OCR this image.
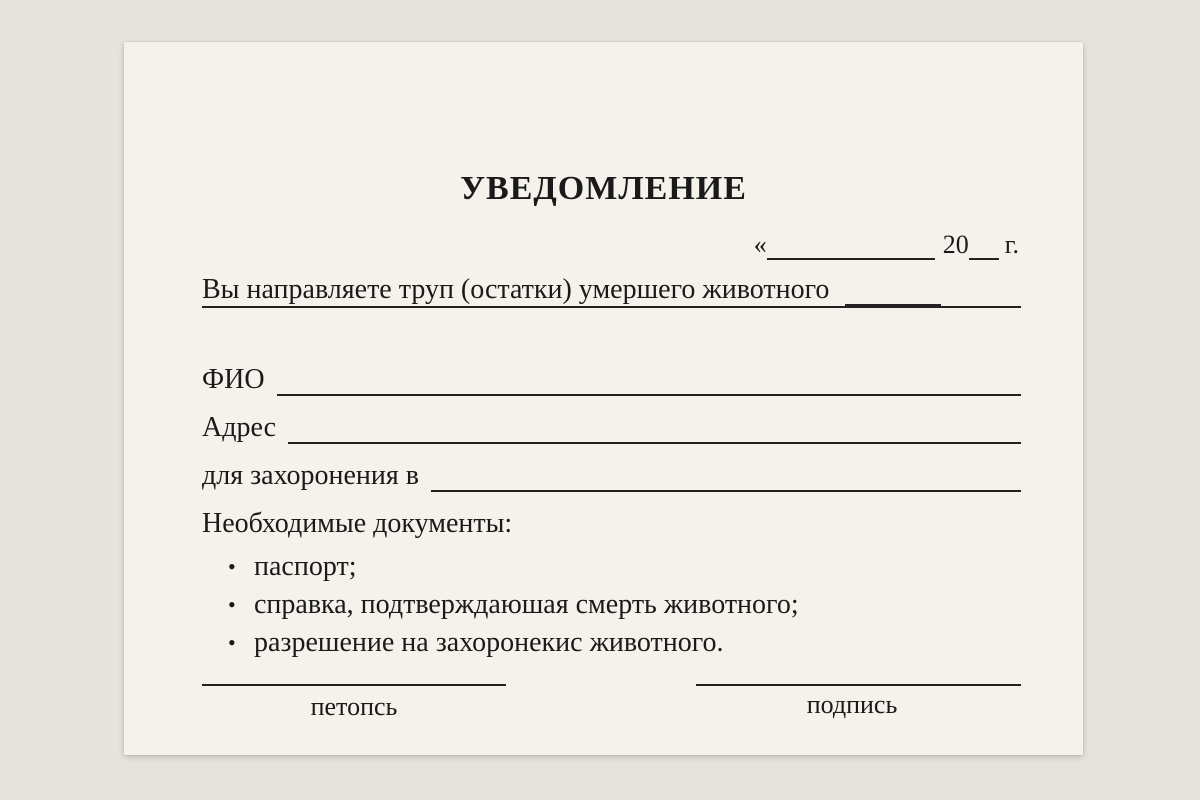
УВЕДОМЛЕНИЕ
«	20 г.
Вы направляете труп (остатки) умершего животного
ФИО
Адрес
для захоронения в
Необходимые документы:
• паспорт;
• справка, подтверждаюшая смерть животного;
• разрешение на захоронекис животного.
петопсь	подпись
